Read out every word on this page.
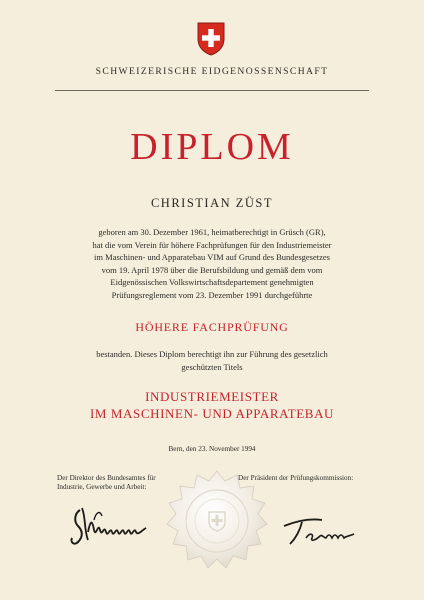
SCHWEIZERISCHE EIDGENOSSENSCHAFT
DIPLOM
CHRISTIAN ZÜST
geboren am 30. Dezember 1961, heimatberechtigt in Grüsch (GR),
hat die vom Verein für höhere Fachprüfungen für den Industriemeister
im Maschinen- und Apparatebau VIM auf Grund des Bundesgesetzes
vom 19. April 1978 über die Berufsbildung und gemäß dem vom
Eidgenössischen Volkswirtschaftsdepartement genehmigten
Prüfungsreglement vom 23. Dezember 1991 durchgeführte
HÖHERE FACHPRÜFUNG
bestanden. Dieses Diplom berechtigt ihn zur Führung des gesetzlich
geschützten Titels
INDUSTRIEMEISTER
IM MASCHINEN- UND APPARATEBAU
Bern, den 23. November 1994
Der Direktor des Bundesamtes für
Industrie, Gewerbe und Arbeit:
Der Präsident der Prüfungskommission:
